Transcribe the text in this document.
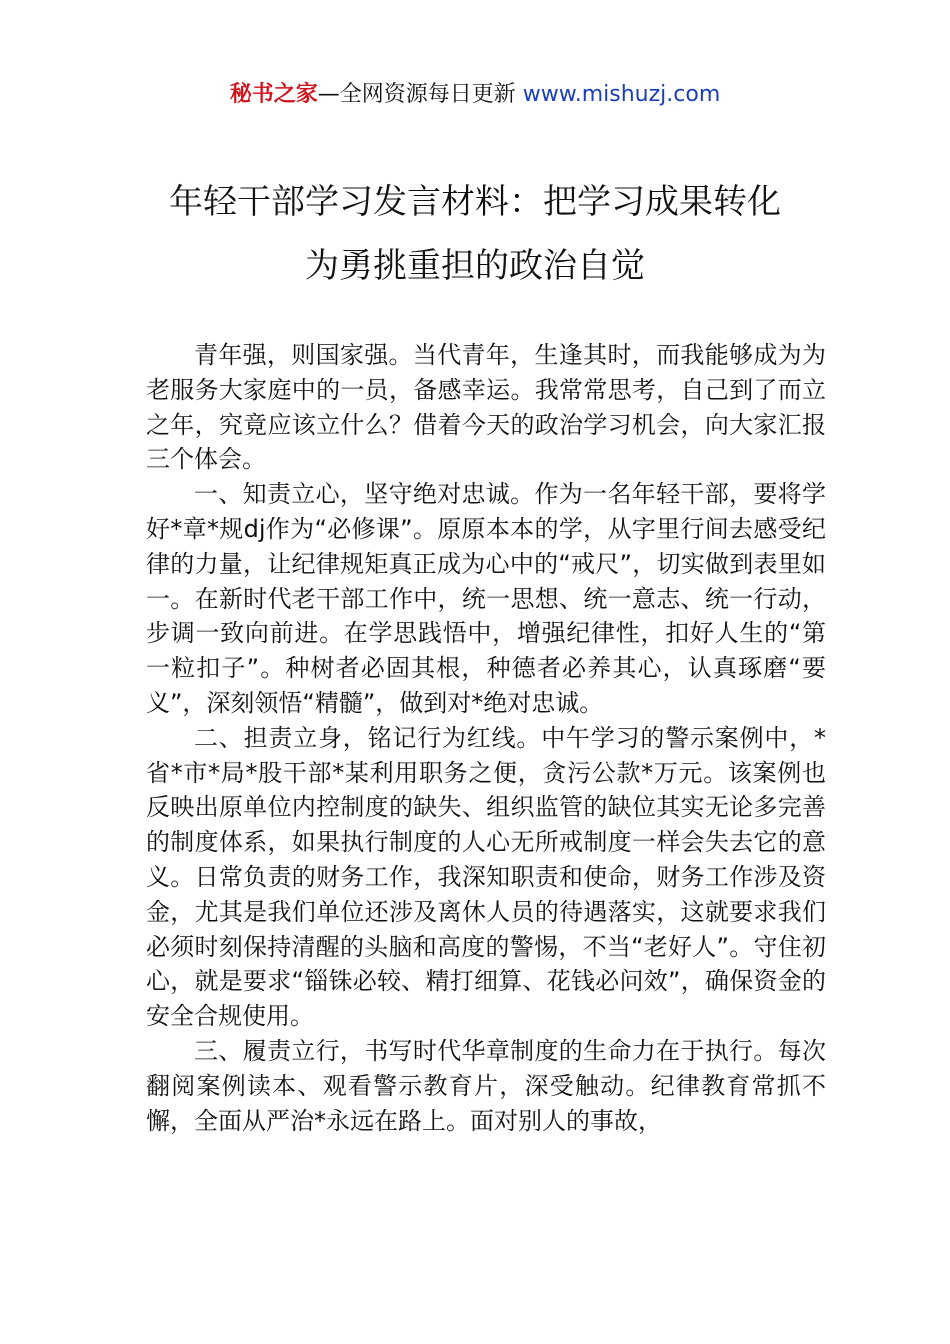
秘书之家—全网资源每日更新 www.mishuzj.com
年轻干部学习发言材料：把学习成果转化
为勇挑重担的政治自觉

青年强，则国家强。当代青年，生逢其时，而我能够成为为老服务大家庭中的一员，备感幸运。我常常思考，自己到了而立之年，究竟应该立什么？借着今天的政治学习机会，向大家汇报三个体会。

一、知责立心，坚守绝对忠诚。作为一名年轻干部，要将学好*章*规dj作为“必修课”。原原本本的学，从字里行间去感受纪律的力量，让纪律规矩真正成为心中的“戒尺”，切实做到表里如一。在新时代老干部工作中，统一思想、统一意志、统一行动，步调一致向前进。在学思践悟中，增强纪律性，扣好人生的“第一粒扣子”。种树者必固其根，种德者必养其心，认真琢磨“要义”，深刻领悟“精髓”，做到对*绝对忠诚。

二、担责立身，铭记行为红线。中午学习的警示案例中，*省*市*局*股干部*某利用职务之便，贪污公款*万元。该案例也反映出原单位内控制度的缺失、组织监管的缺位其实无论多完善的制度体系，如果执行制度的人心无所戒制度一样会失去它的意义。日常负责的财务工作，我深知职责和使命，财务工作涉及资金，尤其是我们单位还涉及离休人员的待遇落实，这就要求我们必须时刻保持清醒的头脑和高度的警惕，不当“老好人”。守住初心，就是要求“锱铢必较、精打细算、花钱必问效”，确保资金的安全合规使用。

三、履责立行，书写时代华章制度的生命力在于执行。每次翻阅案例读本、观看警示教育片，深受触动。纪律教育常抓不懈，全面从严治*永远在路上。面对别人的事故，
